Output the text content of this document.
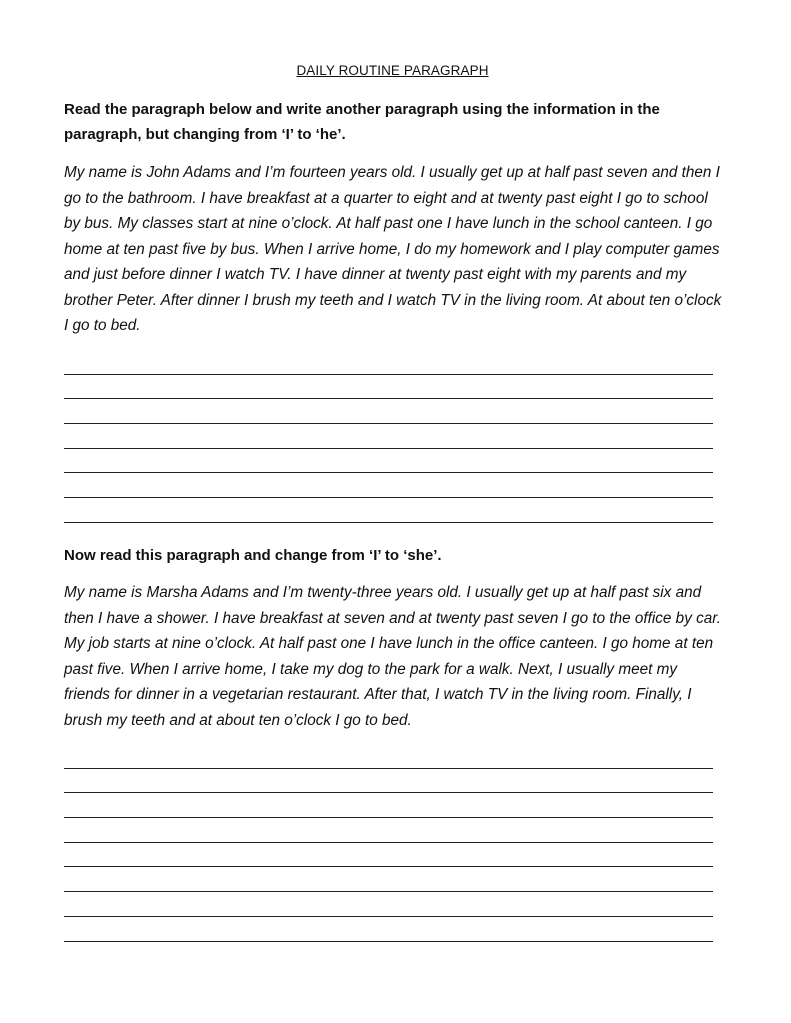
DAILY ROUTINE PARAGRAPH

Read the paragraph below and write another paragraph using the information in the paragraph, but changing from ‘I’ to ‘he’.

My name is John Adams and I’m fourteen years old. I usually get up at half past seven and then I go to the bathroom. I have breakfast at a quarter to eight and at twenty past eight I go to school by bus. My classes start at nine o’clock. At half past one I have lunch in the school canteen. I go home at ten past five by bus. When I arrive home, I do my homework and I play computer games and just before dinner I watch TV. I have dinner at twenty past eight with my parents and my brother Peter. After dinner I brush my teeth and I watch TV in the living room. At about ten o’clock I go to bed.

Now read this paragraph and change from ‘I’ to ‘she’.

My name is Marsha Adams and I’m twenty-three years old. I usually get up at half past six and then I have a shower. I have breakfast at seven and at twenty past seven I go to the office by car. My job starts at nine o’clock. At half past one I have lunch in the office canteen. I go home at ten past five. When I arrive home, I take my dog to the park for a walk. Next, I usually meet my friends for dinner in a vegetarian restaurant. After that, I watch TV in the living room. Finally, I brush my teeth and at about ten o’clock I go to bed.
